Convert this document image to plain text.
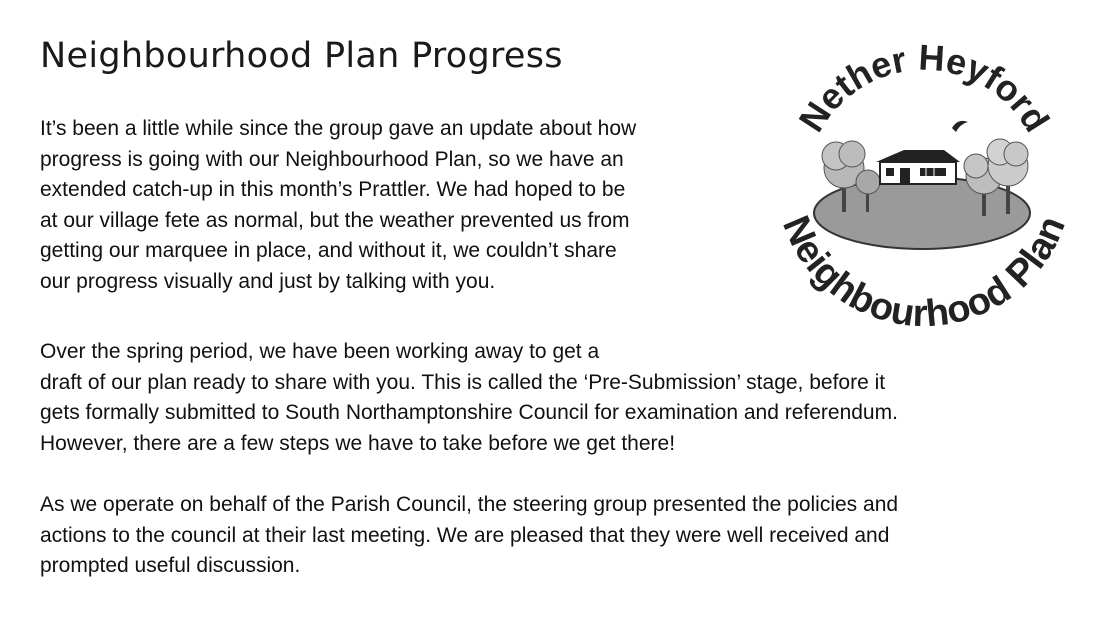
Neighbourhood Plan Progress

It’s been a little while since the group gave an update about how
progress is going with our Neighbourhood Plan, so we have an
extended catch-up in this month’s Prattler. We had hoped to be
at our village fete as normal, but the weather prevented us from
getting our marquee in place, and without it, we couldn’t share
our progress visually and just by talking with you.

Over the spring period, we have been working away to get a
draft of our plan ready to share with you. This is called the ‘Pre-Submission’ stage, before it
gets formally submitted to South Northamptonshire Council for examination and referendum.
However, there are a few steps we have to take before we get there!

As we operate on behalf of the Parish Council, the steering group presented the policies and
actions to the council at their last meeting. We are pleased that they were well received and
prompted useful discussion.

Nether Heyford
Neighbourhood Plan
